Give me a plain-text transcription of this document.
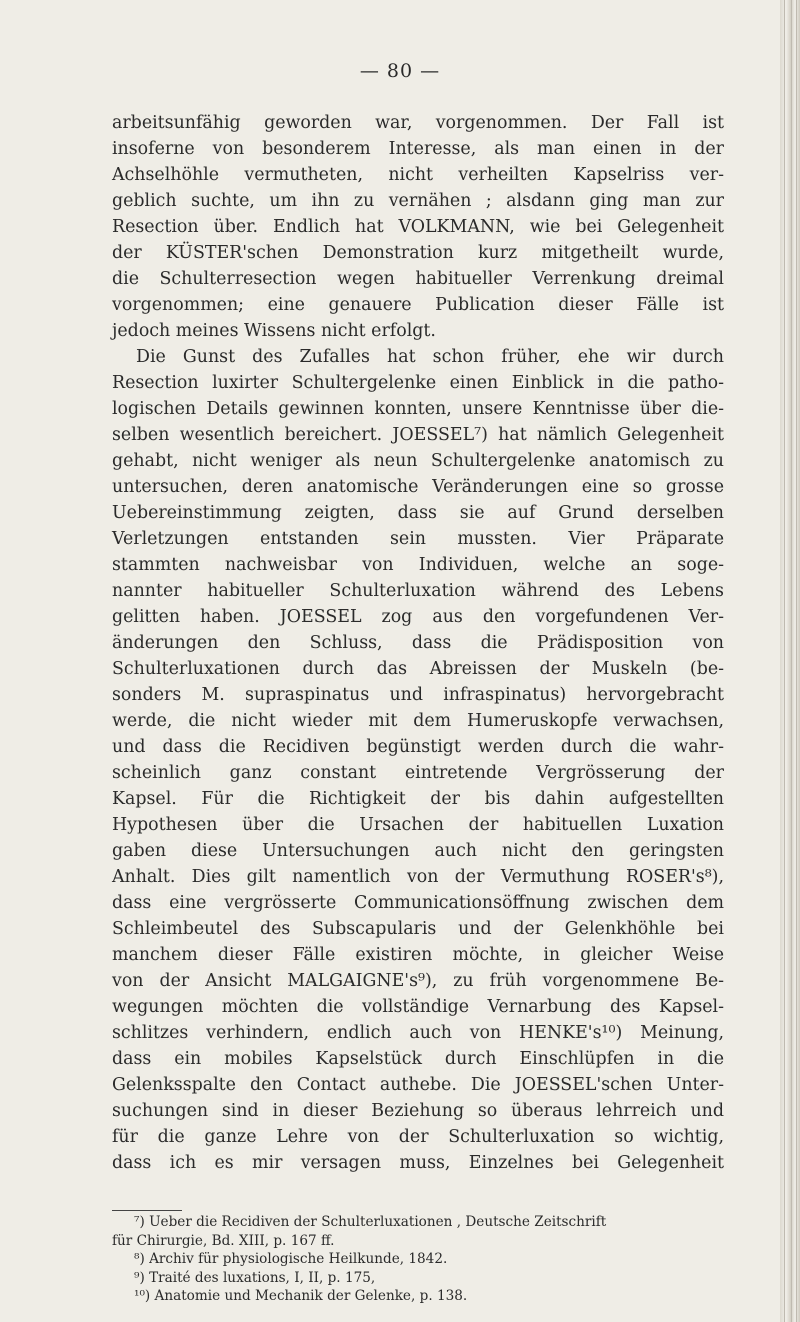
— 80 —
arbeitsunfähig geworden war, vorgenommen. Der Fall ist
insoferne von besonderem Interesse, als man einen in der
Achselhöhle vermutheten, nicht verheilten Kapselriss ver-
geblich suchte, um ihn zu vernähen ; alsdann ging man zur
Resection über. Endlich hat VOLKMANN, wie bei Gelegenheit
der KÜSTER'schen Demonstration kurz mitgetheilt wurde,
die Schulterresection wegen habitueller Verrenkung dreimal
vorgenommen; eine genauere Publication dieser Fälle ist
jedoch meines Wissens nicht erfolgt.
Die Gunst des Zufalles hat schon früher, ehe wir durch
Resection luxirter Schultergelenke einen Einblick in die patho-
logischen Details gewinnen konnten, unsere Kenntnisse über die-
selben wesentlich bereichert. JOESSEL⁷) hat nämlich Gelegenheit
gehabt, nicht weniger als neun Schultergelenke anatomisch zu
untersuchen, deren anatomische Veränderungen eine so grosse
Uebereinstimmung zeigten, dass sie auf Grund derselben
Verletzungen entstanden sein mussten. Vier Präparate
stammten nachweisbar von Individuen, welche an soge-
nannter habitueller Schulterluxation während des Lebens
gelitten haben. JOESSEL zog aus den vorgefundenen Ver-
änderungen den Schluss, dass die Prädisposition von
Schulterluxationen durch das Abreissen der Muskeln (be-
sonders M. supraspinatus und infraspinatus) hervorgebracht
werde, die nicht wieder mit dem Humeruskopfe verwachsen,
und dass die Recidiven begünstigt werden durch die wahr-
scheinlich ganz constant eintretende Vergrösserung der
Kapsel. Für die Richtigkeit der bis dahin aufgestellten
Hypothesen über die Ursachen der habituellen Luxation
gaben diese Untersuchungen auch nicht den geringsten
Anhalt. Dies gilt namentlich von der Vermuthung ROSER's⁸),
dass eine vergrösserte Communicationsöffnung zwischen dem
Schleimbeutel des Subscapularis und der Gelenkhöhle bei
manchem dieser Fälle existiren möchte, in gleicher Weise
von der Ansicht MALGAIGNE's⁹), zu früh vorgenommene Be-
wegungen möchten die vollständige Vernarbung des Kapsel-
schlitzes verhindern, endlich auch von HENKE's¹⁰) Meinung,
dass ein mobiles Kapselstück durch Einschlüpfen in die
Gelenksspalte den Contact authebe. Die JOESSEL'schen Unter-
suchungen sind in dieser Beziehung so überaus lehrreich und
für die ganze Lehre von der Schulterluxation so wichtig,
dass ich es mir versagen muss, Einzelnes bei Gelegenheit
⁷) Ueber die Recidiven der Schulterluxationen , Deutsche Zeitschrift
für Chirurgie, Bd. XIII, p. 167 ff.
⁸) Archiv für physiologische Heilkunde, 1842.
⁹) Traité des luxations, I, II, p. 175,
¹⁰) Anatomie und Mechanik der Gelenke, p. 138.
